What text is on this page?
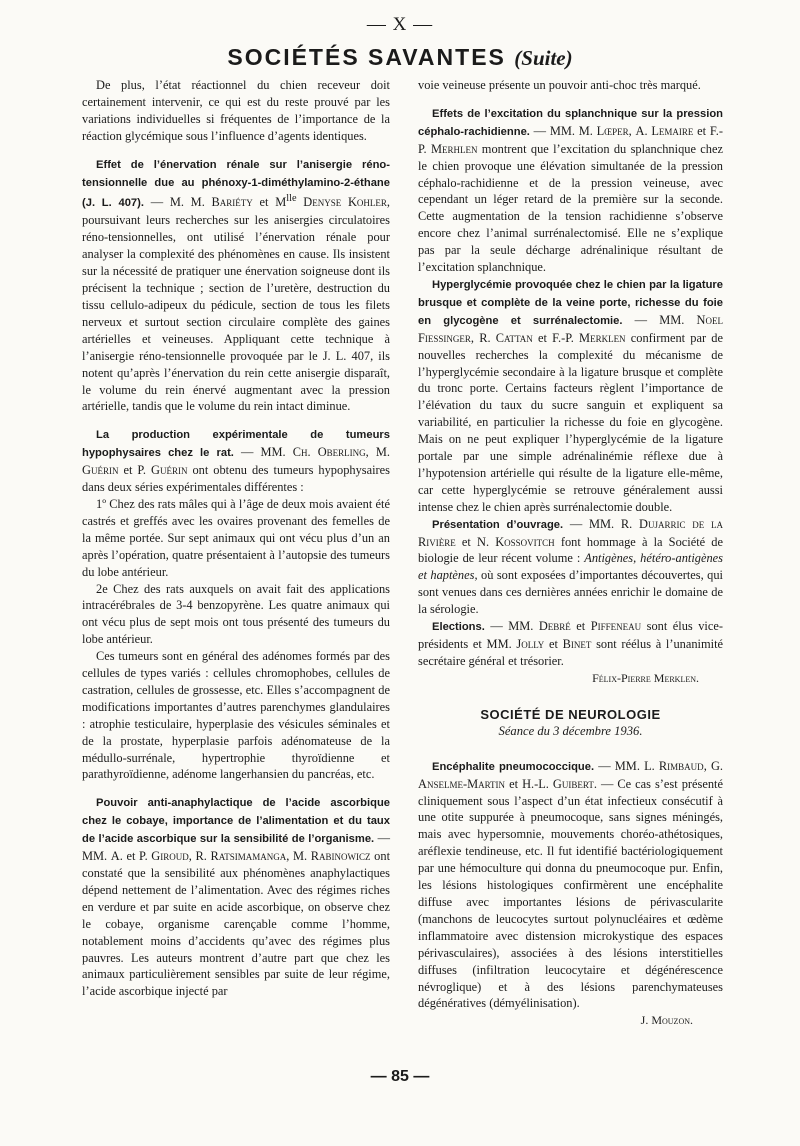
— X —
SOCIÉTÉS SAVANTES (Suite)

De plus, l’état réactionnel du chien receveur doit certainement intervenir, ce qui est du reste prouvé par les variations individuelles si fréquentes de l’importance de la réaction glycémique sous l’influence d’agents identiques.

Effet de l’énervation rénale sur l’anisergie réno-tensionnelle due au phénoxy-1-diméthylamino-2-éthane (J. L. 407). — M. M. Bariéty et $M^{lle}$ Denyse Kohler, poursuivant leurs recherches sur les anisergies circulatoires réno-tensionnelles, ont utilisé l’énervation rénale pour analyser la complexité des phénomènes en cause. Ils insistent sur la nécessité de pratiquer une énervation soigneuse dont ils précisent la technique ; section de l’uretère, destruction du tissu cellulo-adipeux du pédicule, section de tous les filets nerveux et surtout section circulaire complète des gaines artérielles et veineuses. Appliquant cette technique à l’anisergie réno-tensionnelle provoquée par le J. L. 407, ils notent qu’après l’énervation du rein cette anisergie disparaît, le volume du rein énervé augmentant avec la pression artérielle, tandis que le volume du rein intact diminue.

La production expérimentale de tumeurs hypophysaires chez le rat. — MM. Ch. Oberling, M. Guérin et P. Guérin ont obtenu des tumeurs hypophysaires dans deux séries expérimentales différentes :

1º Chez des rats mâles qui à l’âge de deux mois avaient été castrés et greffés avec les ovaires provenant des femelles de la même portée. Sur sept animaux qui ont vécu plus d’un an après l’opération, quatre présentaient à l’autopsie des tumeurs du lobe antérieur.

2e Chez des rats auxquels on avait fait des applications intracérébrales de 3-4 benzopyrène. Les quatre animaux qui ont vécu plus de sept mois ont tous présenté des tumeurs du lobe antérieur.

Ces tumeurs sont en général des adénomes formés par des cellules de types variés : cellules chromophobes, cellules de castration, cellules de grossesse, etc. Elles s’accompagnent de modifications importantes d’autres parenchymes glandulaires : atrophie testiculaire, hyperplasie des vésicules séminales et de la prostate, hyperplasie parfois adénomateuse de la médullo-surrénale, hypertrophie thyroïdienne et parathyroïdienne, adénome langerhansien du pancréas, etc.

Pouvoir anti-anaphylactique de l’acide ascorbique chez le cobaye, importance de l’alimentation et du taux de l’acide ascorbique sur la sensibilité de l’organisme. — MM. A. et P. Giroud, R. Ratsimamanga, M. Rabinowicz ont constaté que la sensibilité aux phénomènes anaphylactiques dépend nettement de l’alimentation. Avec des régimes riches en verdure et par suite en acide ascorbique, on observe chez le cobaye, organisme carençable comme l’homme, notablement moins d’accidents qu’avec des régimes plus pauvres. Les auteurs montrent d’autre part que chez les animaux particulièrement sensibles par suite de leur régime, l’acide ascorbique injecté par

voie veineuse présente un pouvoir anti-choc très marqué.

Effets de l’excitation du splanchnique sur la pression céphalo-rachidienne. — MM. M. Lœper, A. Lemaire et F.-P. Merhlen montrent que l’excitation du splanchnique chez le chien provoque une élévation simultanée de la pression céphalo-rachidienne et de la pression veineuse, avec cependant un léger retard de la première sur la seconde. Cette augmentation de la tension rachidienne s’observe encore chez l’animal surrénalectomisé. Elle ne s’explique pas par la seule décharge adrénalinique résultant de l’excitation splanchnique.

Hyperglycémie provoquée chez le chien par la ligature brusque et complète de la veine porte, richesse du foie en glycogène et surrénalectomie. — MM. Noel Fiessinger, R. Cattan et F.-P. Merklen confirment par de nouvelles recherches la complexité du mécanisme de l’hyperglycémie secondaire à la ligature brusque et complète du tronc porte. Certains facteurs règlent l’importance de l’élévation du taux du sucre sanguin et expliquent sa variabilité, en particulier la richesse du foie en glycogène. Mais on ne peut expliquer l’hyperglycémie de la ligature portale par une simple adrénalinémie réflexe due à l’hypotension artérielle qui résulte de la ligature elle-même, car cette hyperglycémie se retrouve généralement aussi intense chez le chien après surrénalectomie double.

Présentation d’ouvrage. — MM. R. Dujarric de la Rivière et N. Kossovitch font hommage à la Société de biologie de leur récent volume : Antigènes, hétéro-antigènes et haptènes, où sont exposées d’importantes découvertes, qui sont venues dans ces dernières années enrichir le domaine de la sérologie.

Elections. — MM. Debré et Piffeneau sont élus vice-présidents et MM. Jolly et Binet sont réélus à l’unanimité secrétaire général et trésorier.

Félix-Pierre Merklen.

SOCIÉTÉ DE NEUROLOGIE

Séance du 3 décembre 1936.

Encéphalite pneumococcique. — MM. L. Rimbaud, G. Anselme-Martin et H.-L. Guibert. — Ce cas s’est présenté cliniquement sous l’aspect d’un état infectieux consécutif à une otite suppurée à pneumocoque, sans signes méningés, mais avec hypersomnie, mouvements choréo-athétosiques, aréflexie tendineuse, etc. Il fut identifié bactériologiquement par une hémoculture qui donna du pneumocoque pur. Enfin, les lésions histologiques confirmèrent une encéphalite diffuse avec importantes lésions de périvascularite (manchons de leucocytes surtout polynucléaires et œdème inflammatoire avec distension microkystique des espaces périvasculaires), associées à des lésions interstitielles diffuses (infiltration leucocytaire et dégénérescence névroglique) et à des lésions parenchymateuses dégénératives (démyélinisation).

J. Mouzon.

— 85 —
